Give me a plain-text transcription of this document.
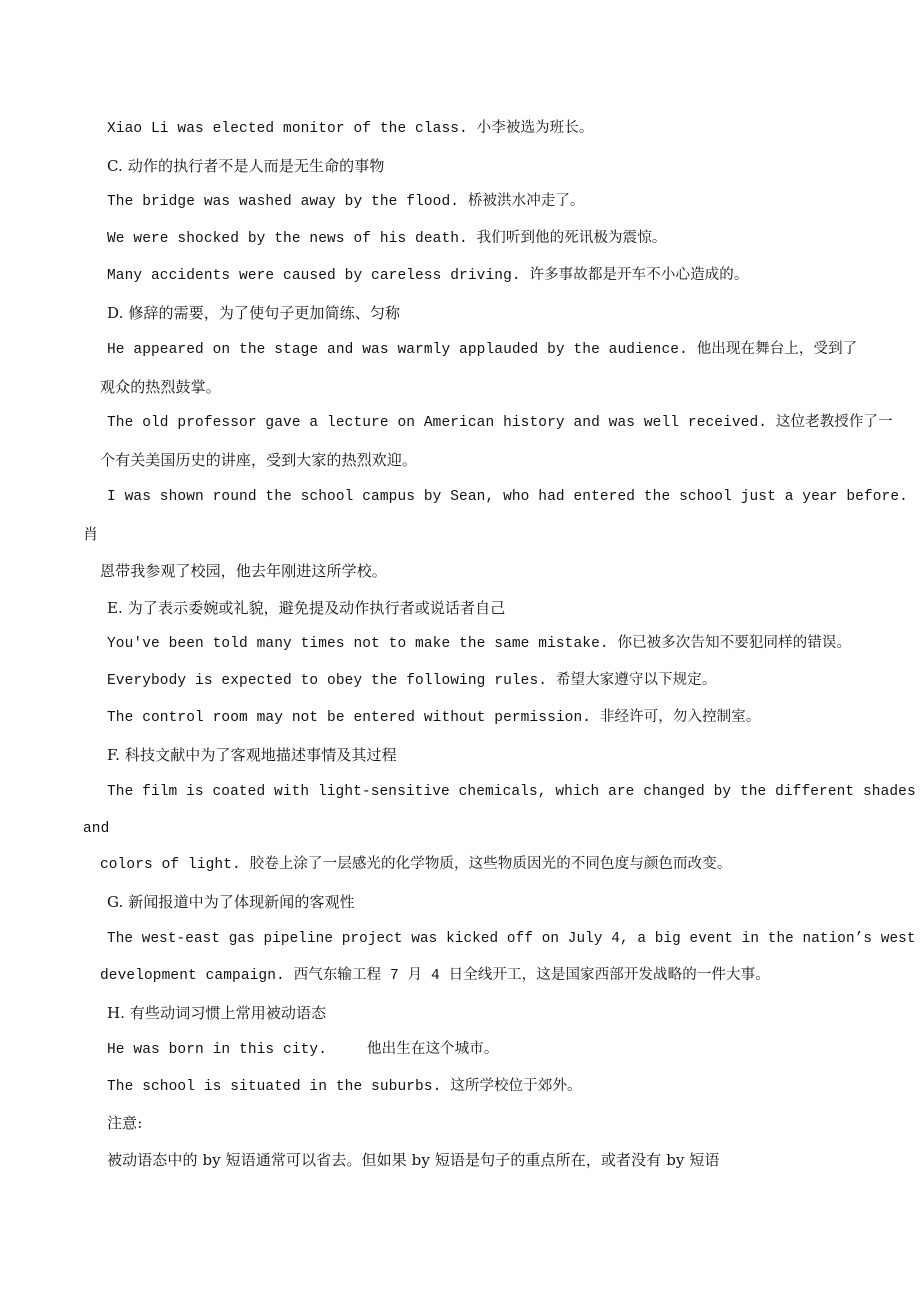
Xiao Li was elected monitor of the class. 小李被选为班长。
C. 动作的执行者不是人而是无生命的事物
The bridge was washed away by the flood. 桥被洪水冲走了。
We were shocked by the news of his death. 我们听到他的死讯极为震惊。
Many accidents were caused by careless driving. 许多事故都是开车不小心造成的。
D. 修辞的需要，为了使句子更加简练、匀称
He appeared on the stage and was warmly applauded by the audience. 他出现在舞台上，受到了
观众的热烈鼓掌。
The old professor gave a lecture on American history and was well received. 这位老教授作了一
个有关美国历史的讲座，受到大家的热烈欢迎。
I was shown round the school campus by Sean, who had entered the school just a year before.
肖
恩带我参观了校园，他去年刚进这所学校。
E. 为了表示委婉或礼貌，避免提及动作执行者或说话者自己
You've been told many times not to make the same mistake. 你已被多次告知不要犯同样的错误。
Everybody is expected to obey the following rules. 希望大家遵守以下规定。
The control room may not be entered without permission. 非经许可，勿入控制室。
F. 科技文献中为了客观地描述事情及其过程
The film is coated with light-sensitive chemicals, which are changed by the different shades
and
colors of light. 胶卷上涂了一层感光的化学物质，这些物质因光的不同色度与颜色而改变。
G. 新闻报道中为了体现新闻的客观性
The west-east gas pipeline project was kicked off on July 4, a big event in the nation’s west
development campaign. 西气东输工程 7 月 4 日全线开工，这是国家西部开发战略的一件大事。
H. 有些动词习惯上常用被动语态
He was born in this city.	他出生在这个城市。
The school is situated in the suburbs. 这所学校位于郊外。
注意:
被动语态中的 by 短语通常可以省去。但如果 by 短语是句子的重点所在，或者没有 by 短语
